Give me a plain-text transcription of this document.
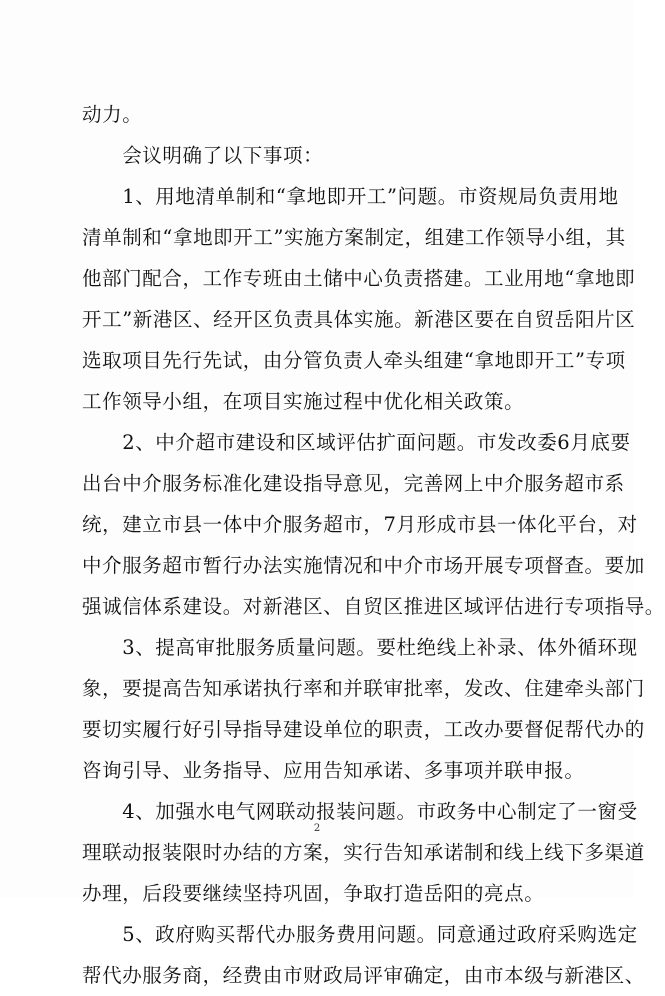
动力。
　　会议明确了以下事项：
　　1、用地清单制和“拿地即开工”问题。市资规局负责用地
清单制和“拿地即开工”实施方案制定，组建工作领导小组，其
他部门配合，工作专班由土储中心负责搭建。工业用地“拿地即
开工”新港区、经开区负责具体实施。新港区要在自贸岳阳片区
选取项目先行先试，由分管负责人牵头组建“拿地即开工”专项
工作领导小组，在项目实施过程中优化相关政策。
　　2、中介超市建设和区域评估扩面问题。市发改委6月底要
出台中介服务标准化建设指导意见，完善网上中介服务超市系
统，建立市县一体中介服务超市，7月形成市县一体化平台，对
中介服务超市暂行办法实施情况和中介市场开展专项督查。要加
强诚信体系建设。对新港区、自贸区推进区域评估进行专项指导。
　　3、提高审批服务质量问题。要杜绝线上补录、体外循环现
象，要提高告知承诺执行率和并联审批率，发改、住建牵头部门
要切实履行好引导指导建设单位的职责，工改办要督促帮代办的
咨询引导、业务指导、应用告知承诺、多事项并联申报。
　　4、加强水电气网联动报装问题。市政务中心制定了一窗受
理联动报装限时办结的方案，实行告知承诺制和线上线下多渠道
办理，后段要继续坚持巩固，争取打造岳阳的亮点。
　　5、政府购买帮代办服务费用问题。同意通过政府采购选定
帮代办服务商，经费由市财政局评审确定，由市本级与新港区、
2
